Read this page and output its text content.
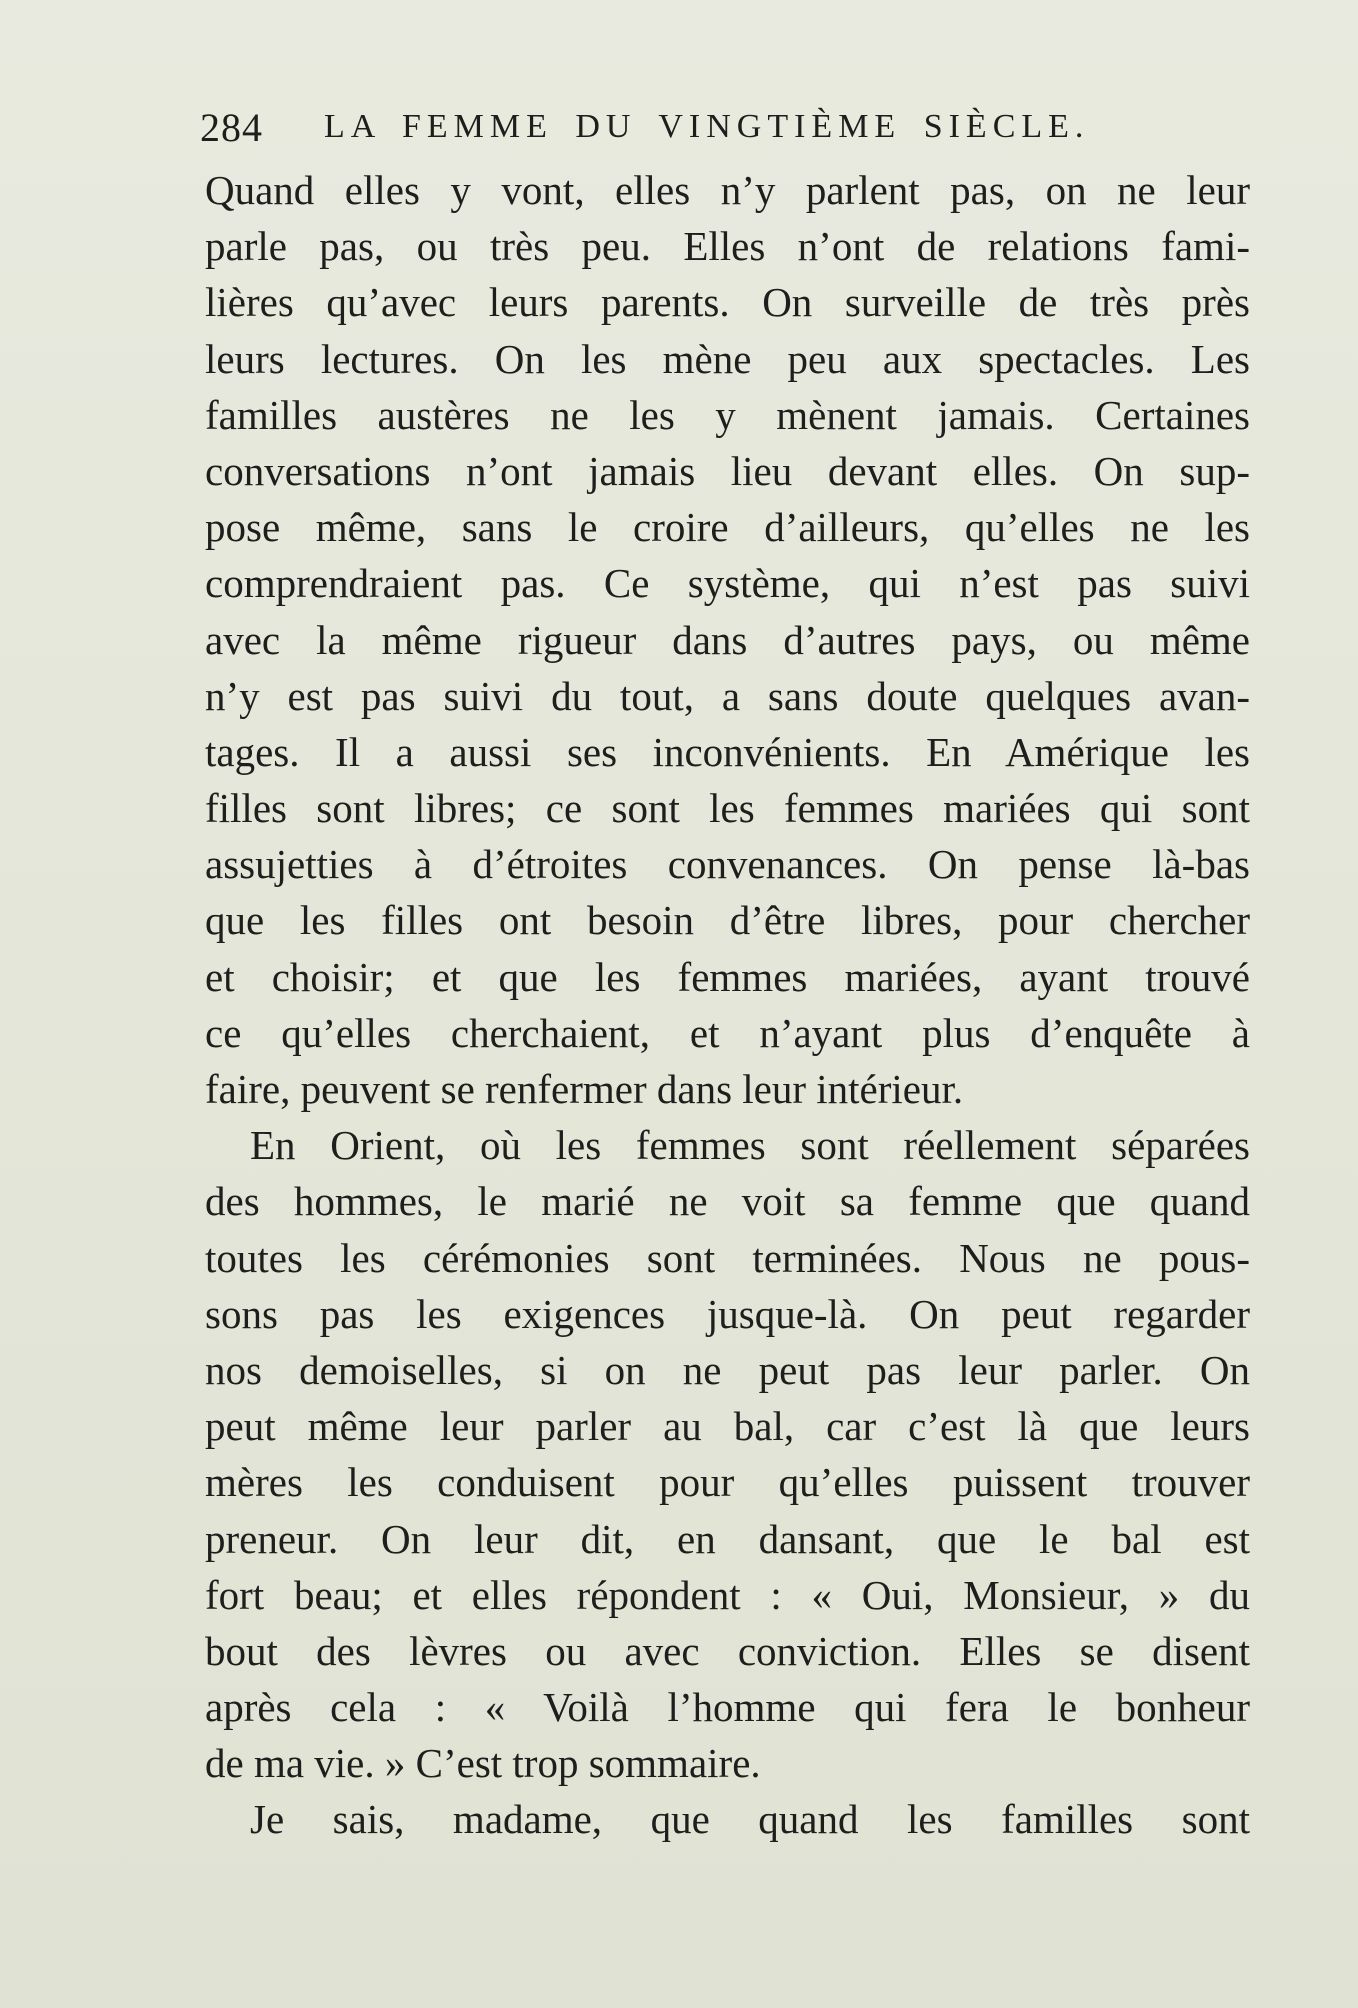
284 LA FEMME DU VINGTIÈME SIÈCLE.
Quand elles y vont, elles n’y parlent pas, on ne leur
parle pas, ou très peu. Elles n’ont de relations fami-
lières qu’avec leurs parents. On surveille de très près
leurs lectures. On les mène peu aux spectacles. Les
familles austères ne les y mènent jamais. Certaines
conversations n’ont jamais lieu devant elles. On sup-
pose même, sans le croire d’ailleurs, qu’elles ne les
comprendraient pas. Ce système, qui n’est pas suivi
avec la même rigueur dans d’autres pays, ou même
n’y est pas suivi du tout, a sans doute quelques avan-
tages. Il a aussi ses inconvénients. En Amérique les
filles sont libres; ce sont les femmes mariées qui sont
assujetties à d’étroites convenances. On pense là-bas
que les filles ont besoin d’être libres, pour chercher
et choisir; et que les femmes mariées, ayant trouvé
ce qu’elles cherchaient, et n’ayant plus d’enquête à
faire, peuvent se renfermer dans leur intérieur.
En Orient, où les femmes sont réellement séparées
des hommes, le marié ne voit sa femme que quand
toutes les cérémonies sont terminées. Nous ne pous-
sons pas les exigences jusque-là. On peut regarder
nos demoiselles, si on ne peut pas leur parler. On
peut même leur parler au bal, car c’est là que leurs
mères les conduisent pour qu’elles puissent trouver
preneur. On leur dit, en dansant, que le bal est
fort beau; et elles répondent : « Oui, Monsieur, » du
bout des lèvres ou avec conviction. Elles se disent
après cela : « Voilà l’homme qui fera le bonheur
de ma vie. » C’est trop sommaire.
Je sais, madame, que quand les familles sont
